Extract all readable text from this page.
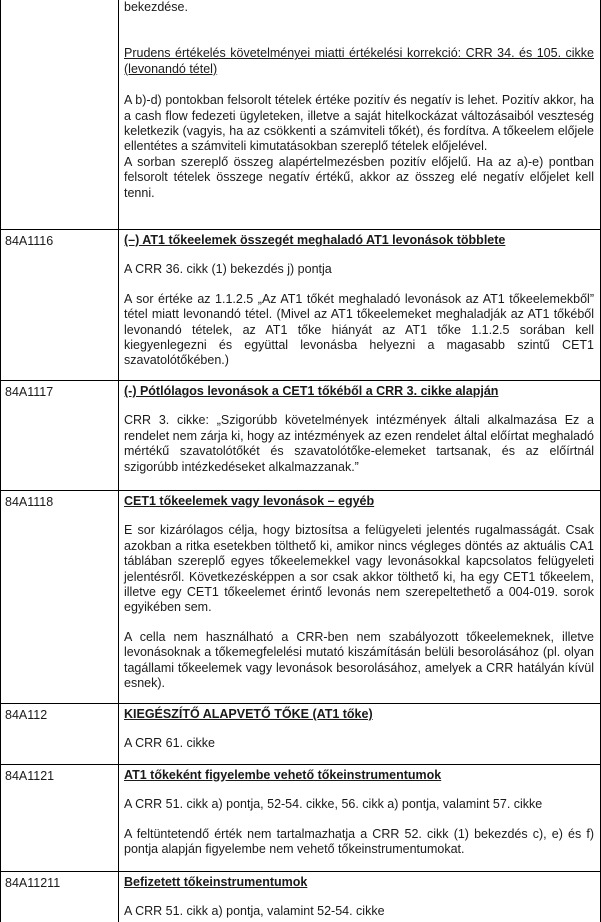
bekezdése.

Prudens értékelés követelményei miatti értékelési korrekció: CRR 34. és 105. cikke (levonandó tétel)

A b)-d) pontokban felsorolt tételek értéke pozitív és negatív is lehet. Pozitív akkor, ha a cash flow fedezeti ügyleteken, illetve a saját hitelkockázat változásaiból veszteség keletkezik (vagyis, ha az csökkenti a számviteli tőkét), és fordítva. A tőkeelem előjele ellentétes a számviteli kimutatásokban szereplő tételek előjelével.

A sorban szereplő összeg alapértelmezésben pozitív előjelű. Ha az a)-e) pontban felsorolt tételek összege negatív értékű, akkor az összeg elé negatív előjelet kell tenni.

84A1116	(–) AT1 tőkeelemek összegét meghaladó AT1 levonások többlete

A CRR 36. cikk (1) bekezdés j) pontja

A sor értéke az 1.1.2.5 „Az AT1 tőkét meghaladó levonások az AT1 tőkeelemekből” tétel miatt levonandó tétel. (Mivel az AT1 tőkeelemeket meghaladják az AT1 tőkéből levonandó tételek, az AT1 tőke hiányát az AT1 tőke 1.1.2.5 sorában kell kiegyenlegezni és együttal levonásba helyezni a magasabb szintű CET1 szavatolótőkében.)

84A1117	(-) Pótlólagos levonások a CET1 tőkéből a CRR 3. cikke alapján

CRR 3. cikke: „Szigorúbb követelmények intézmények általi alkalmazása Ez a rendelet nem zárja ki, hogy az intézmények az ezen rendelet által előírtat meghaladó mértékű szavatolótőkét és szavatolótőke-elemeket tartsanak, és az előírtnál szigorúbb intézkedéseket alkalmazzanak.”

84A1118	CET1 tőkeelemek vagy levonások – egyéb

E sor kizárólagos célja, hogy biztosítsa a felügyeleti jelentés rugalmasságát. Csak azokban a ritka esetekben tölthető ki, amikor nincs végleges döntés az aktuális CA1 táblában szereplő egyes tőkeelemekkel vagy levonásokkal kapcsolatos felügyeleti jelentésről. Következésképpen a sor csak akkor tölthető ki, ha egy CET1 tőkeelem, illetve egy CET1 tőkeelemet érintő levonás nem szerepeltethető a 004-019. sorok egyikében sem.

A cella nem használható a CRR-ben nem szabályozott tőkeelemeknek, illetve levonásoknak a tőkemegfelelési mutató kiszámításán belüli besorolásához (pl. olyan tagállami tőkeelemek vagy levonások besorolásához, amelyek a CRR hatályán kívül esnek).

84A112	KIEGÉSZÍTŐ ALAPVETŐ TŐKE (AT1 tőke)

A CRR 61. cikke

84A1121	AT1 tőkeként figyelembe vehető tőkeinstrumentumok

A CRR 51. cikk a) pontja, 52-54. cikke, 56. cikk a) pontja, valamint 57. cikke

A feltüntetendő érték nem tartalmazhatja a CRR 52. cikk (1) bekezdés c), e) és f) pontja alapján figyelembe nem vehető tőkeinstrumentumokat.

84A11211	Befizetett tőkeinstrumentumok

A CRR 51. cikk a) pontja, valamint 52-54. cikke
